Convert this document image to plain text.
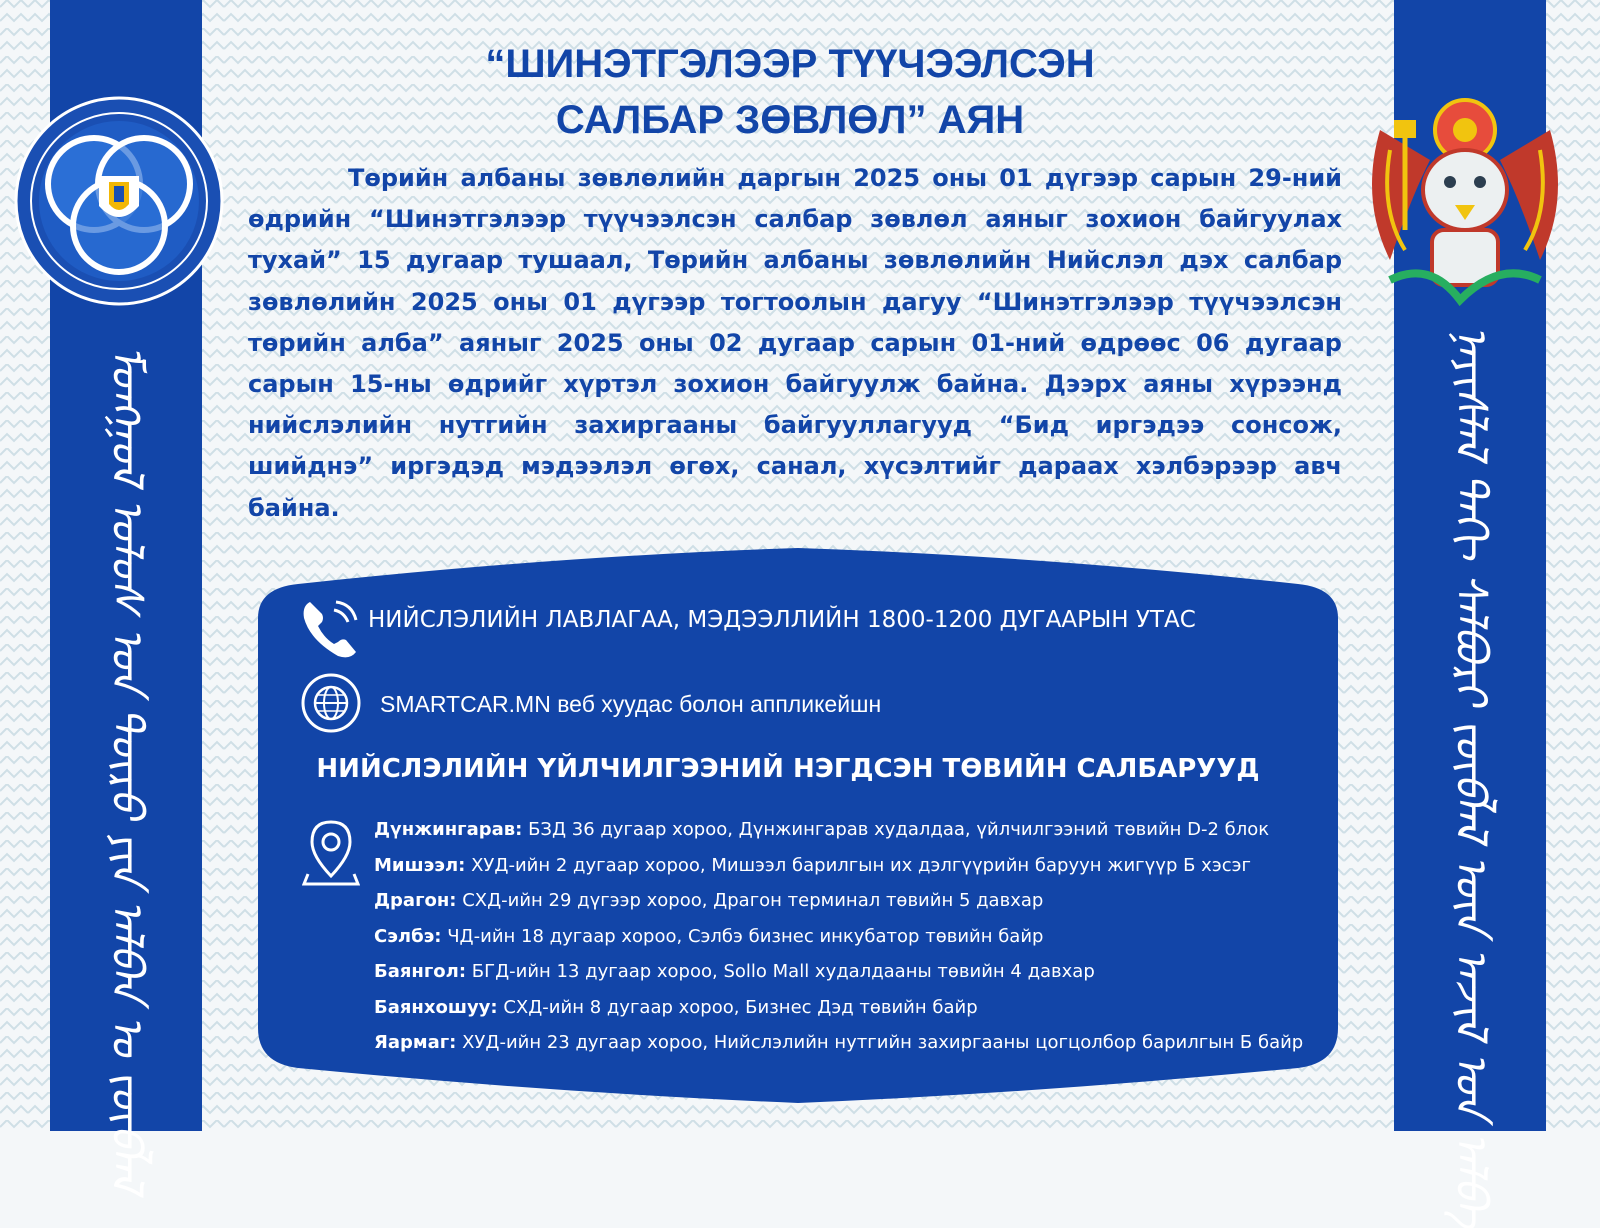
ᠮᠣᠩᠭᠤᠯ ᠤᠯᠤᠰ ᠤᠨ ᠲᠥᠷᠥ ᠶᠢᠨ ᠠᠯᠪᠠᠨ ᠤ ᠵᠥᠪᠯᠡᠯ	ᠨᠡᠶᠢᠰᠯᠡᠯ ᠳᠡᠬᠢ ᠰᠠᠯᠪᠤᠷᠢ ᠵᠥᠪᠯᠡᠯ ᠦᠨ ᠠᠵᠢᠯ ᠤᠨ ᠠᠯᠪᠠ
“ШИНЭТГЭЛЭЭР ТҮҮЧЭЭЛСЭН
САЛБАР ЗӨВЛӨЛ” АЯН

Төрийн албаны зөвлөлийн даргын 2025 оны 01 дүгээр сарын 29-ний өдрийн “Шинэтгэлээр түүчээлсэн салбар зөвлөл аяныг зохион байгуулах тухай” 15 дугаар тушаал, Төрийн албаны зөвлөлийн Нийслэл дэх салбар зөвлөлийн 2025 оны 01 дүгээр тогтоолын дагуу “Шинэтгэлээр түүчээлсэн төрийн алба” аяныг 2025 оны 02 дугаар сарын 01-ний өдрөөс 06 дугаар сарын 15-ны өдрийг хүртэл зохион байгуулж байна. Дээрх аяны хүрээнд нийслэлийн нутгийн захиргааны байгууллагууд “Бид иргэдээ сонсож, шийднэ” иргэдэд мэдээлэл өгөх, санал, хүсэлтийг дараах хэлбэрээр авч байна.

НИЙСЛЭЛИЙН ЛАВЛАГАА, МЭДЭЭЛЛИЙН 1800-1200 ДУГААРЫН УТАС
SMARTCAR.MN веб хуудас болон аппликейшн
НИЙСЛЭЛИЙН ҮЙЛЧИЛГЭЭНИЙ НЭГДСЭН ТӨВИЙН САЛБАРУУД
Дүнжингарав: БЗД 36 дугаар хороо, Дүнжингарав худалдаа, үйлчилгээний төвийн D-2 блок
Мишээл: ХУД-ийн 2 дугаар хороо, Мишээл барилгын их дэлгүүрийн баруун жигүүр Б хэсэг
Драгон: СХД-ийн 29 дүгээр хороо, Драгон терминал төвийн 5 давхар
Сэлбэ: ЧД-ийн 18 дугаар хороо, Сэлбэ бизнес инкубатор төвийн байр
Баянгол: БГД-ийн 13 дугаар хороо, Sollo Mall худалдааны төвийн 4 давхар
Баянхошуу: СХД-ийн 8 дугаар хороо, Бизнес Дэд төвийн байр
Яармаг: ХУД-ийн 23 дугаар хороо, Нийслэлийн нутгийн захиргааны цогцолбор барилгын Б байр
